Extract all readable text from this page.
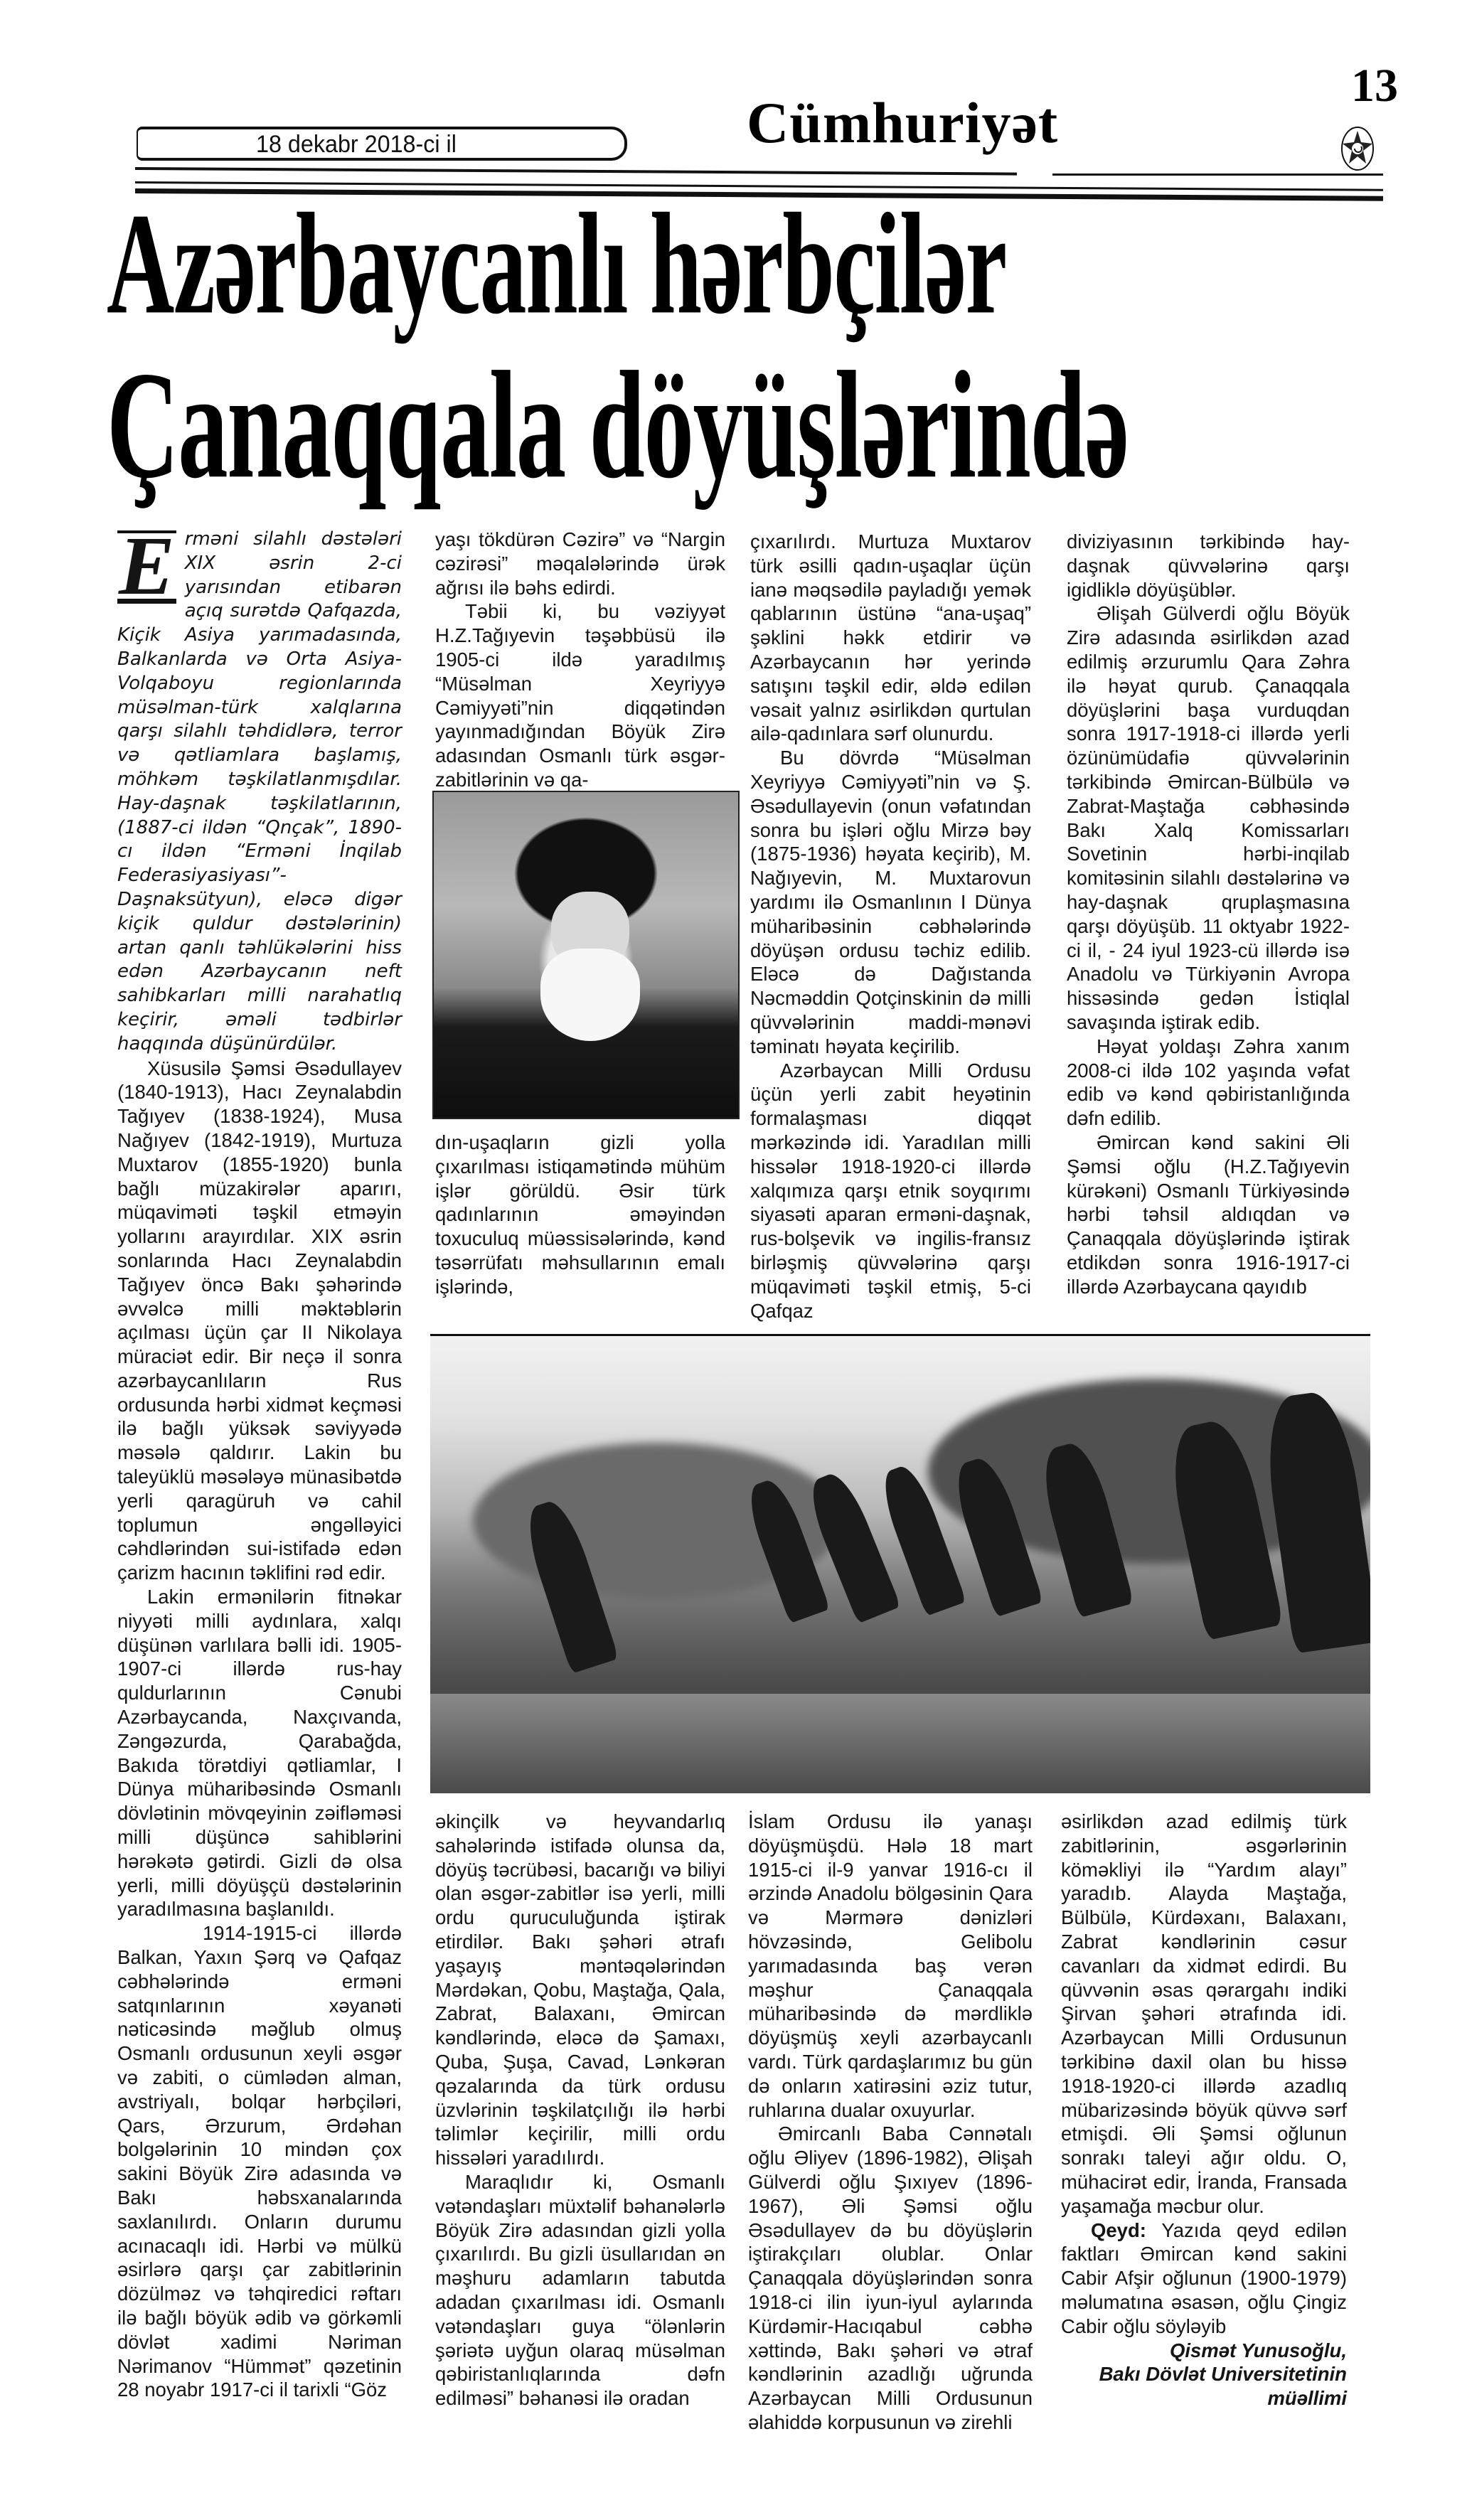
13
18 dekabr 2018-ci il	Cümhuriyət
Azərbaycanlı hərbçilər
Çanaqqala döyüşlərində

E rməni silahlı dəstələri XIX əsrin 2-ci yarısından etibarən açıq surətdə Qafqazda, Kiçik Asiya yarımadasında, Balkanlarda və Orta Asiya-Volqaboyu regionlarında müsəlman-türk xalqlarına qarşı silahlı təhdidlərə, terror və qətliamlara başlamış, möhkəm təşkilatlanmışdılar. Hay-daşnak təşkilatlarının, (1887-ci ildən “Qnçak”, 1890-cı ildən “Erməni İnqilab Federasiyasiyası”-Daşnaksütyun), eləcə digər kiçik quldur dəstələrinin) artan qanlı təhlükələrini hiss edən Azərbaycanın neft sahibkarları milli narahatlıq keçirir, əməli tədbirlər haqqında düşünürdülər.

Xüsusilə Şəmsi Əsədullayev (1840-1913), Hacı Zeynalabdin Tağıyev (1838-1924), Musa Nağıyev (1842-1919), Murtuza Muxtarov (1855-1920) bunla bağlı müzakirələr aparırı, müqavimәti təşkil etməyin yollarını arayırdılar. XIX əsrin sonlarında Hacı Zeynalabdin Tağıyev öncə Bakı şəhərində əvvəlcə milli məktəblərin açılması üçün çar II Nikolaya müraciət edir. Bir neçə il sonra azərbaycanlıların Rus ordusunda hərbi xidmət keçməsi ilə bağlı yüksək səviyyədə məsələ qaldırır. Lakin bu taleyüklü məsələyə münasibətdə yerli qaragüruh və cahil toplumun əngəlləyici cəhdlərindən sui-istifadə edən çarizm hacının təklifini rəd edir.

Lakin ermənilərin fitnəkar niyyəti milli aydınlara, xalqı düşünən varlılara bəlli idi. 1905-1907-ci illərdə rus-hay quldurlarının Cənubi Azərbaycanda, Naxçıvanda, Zəngəzurda, Qarabağda, Bakıda törətdiyi qətliamlar, I Dünya müharibəsində Osmanlı dövlətinin mövqeyinin zəifləməsi milli düşüncə sahiblərini hərəkətə gətirdi. Gizli də olsa yerli, milli döyüşçü dəstələrinin yaradılmasına başlanıldı.

1914-1915-ci illərdə Balkan, Yaxın Şərq və Qafqaz cəbhələrində erməni satqınlarının xəyanəti nəticəsində məğlub olmuş Osmanlı ordusunun xeyli əsgər və zabiti, o cümlədən alman, avstriyalı, bolqar hərbçiləri, Qars, Ərzurum, Ərdəhan bolgələrinin 10 mindən çox sakini Böyük Zirə adasında və Bakı həbsxanalarında saxlanılırdı. Onların durumu acınacaqlı idi. Hərbi və mülkü əsirlərə qarşı çar zabitlərinin dözülməz və təhqiredici rəftarı ilə bağlı böyük ədib və görkəmli dövlət xadimi Nəriman Nərimanov “Hümmət” qəzetinin 28 noyabr 1917-ci il tarixli “Göz

yaşı tökdürən Cəzirə” və “Nargin cəzirəsi” məqalələrində ürək ağrısı ilə bəhs edirdi.

Təbii ki, bu vəziyyət H.Z.Tağıyevin təşəbbüsü ilə 1905-ci ildə yaradılmış “Müsəlman Xeyriyyə Cəmiyyəti”nin diqqətindən yayınmadığından Böyük Zirə adasından Osmanlı türk əsgər-zabitlərinin və qa-

dın-uşaqların gizli yolla çıxarılması istiqamətində mühüm işlər görüldü. Əsir türk qadınlarının əməyindən toxuculuq müəssisələrində, kənd təsərrüfatı məhsullarının emalı işlərində,

çıxarılırdı. Murtuza Muxtarov türk əsilli qadın-uşaqlar üçün ianə məqsədilə payladığı yemək qablarının üstünə “ana-uşaq” şəklini həkk etdirir və Azərbaycanın hər yerində satışını təşkil edir, əldə edilən vəsait yalnız əsirlikdən qurtulan ailə-qadınlara sərf olunurdu.

Bu dövrdə “Müsəlman Xeyriyyə Cəmiyyəti”nin və Ş. Əsədullayevin (onun vəfatından sonra bu işləri oğlu Mirzə bəy (1875-1936) həyata keçirib), M. Nağıyevin, M. Muxtarovun yardımı ilə Osmanlının I Dünya müharibəsinin cəbhələrində döyüşən ordusu təchiz edilib. Eləcə də Dağıstanda Nəcməddin Qotçinskinin də milli qüvvələrinin maddi-mənəvi təminatı həyata keçirilib.

Azərbaycan Milli Ordusu üçün yerli zabit heyətinin formalaşması diqqət mərkəzində idi. Yaradılan milli hissələr 1918-1920-ci illərdə xalqımıza qarşı etnik soyqırımı siyasəti aparan erməni-daşnak, rus-bolşevik və ingilis-fransız birləşmiş qüvvələrinə qarşı müqaviməti təşkil etmiş, 5-ci Qafqaz

diviziyasının tərkibində hay-daşnak qüvvələrinə qarşı igidliklə döyüşüblər.

Əlişah Gülverdi oğlu Böyük Zirə adasında əsirlikdən azad edilmiş ərzurumlu Qara Zəhra ilə həyat qurub. Çanaqqala döyüşlərini başa vurduqdan sonra 1917-1918-ci illərdə yerli özünümüdafiə qüvvələrinin tərkibində Əmircan-Bülbülə və Zabrat-Maştağa cəbhəsində Bakı Xalq Komissarları Sovetinin hərbi-inqilab komitəsinin silahlı dəstələrinə və hay-daşnak qruplaşmasına qarşı döyüşüb. 11 oktyabr 1922-ci il, - 24 iyul 1923-cü illərdə isə Anadolu və Türkiyənin Avropa hissəsində gedən İstiqlal savaşında iştirak edib.

Həyat yoldaşı Zəhra xanım 2008-ci ildə 102 yaşında vəfat edib və kənd qəbiristanlığında dəfn edilib.

Əmircan kənd sakini Əli Şəmsi oğlu (H.Z.Tağıyevin kürəkəni) Osmanlı Türkiyəsində hərbi təhsil aldıqdan və Çanaqqala döyüşlərində iştirak etdikdən sonra 1916-1917-ci illərdə Azərbaycana qayıdıb

əkinçilk və heyvandarlıq sahələrində istifadə olunsa da, döyüş təcrübəsi, bacarığı və biliyi olan əsgər-zabitlər isə yerli, milli ordu quruculuğunda iştirak etirdilər. Bakı şəhəri ətrafı yaşayış məntəqələrindən Mərdəkan, Qobu, Maştağa, Qala, Zabrat, Balaxanı, Əmircan kəndlərində, eləcə də Şamaxı, Quba, Şuşa, Cavad, Lənkəran qəzalarında da türk ordusu üzvlərinin təşkilatçılığı ilə hərbi təlimlər keçirilir, milli ordu hissələri yaradılırdı.

Maraqlıdır ki, Osmanlı vətəndaşları müxtəlif bəhanələrlə Böyük Zirə adasından gizli yolla çıxarılırdı. Bu gizli üsullarıdan ən məşhuru adamların tabutda adadan çıxarılması idi. Osmanlı vətəndaşları guya “ölənlərin şəriətə uyğun olaraq müsəlman qəbiristanlıqlarında dəfn edilməsi” bəhanəsi ilə oradan

İslam Ordusu ilə yanaşı döyüşmüşdü. Hələ 18 mart 1915-ci il-9 yanvar 1916-cı il ərzində Anadolu bölgəsinin Qara və Mərmərə dənizləri hövzəsində, Gelibolu yarımadasında baş verən məşhur Çanaqqala müharibəsində də mərdliklə döyüşmüş xeyli azərbaycanlı vardı. Türk qardaşlarımız bu gün də onların xatirəsini əziz tutur, ruhlarına dualar oxuyurlar.

Əmircanlı Baba Cənnətalı oğlu Əliyev (1896-1982), Əlişah Gülverdi oğlu Şıxıyev (1896-1967), Əli Şəmsi oğlu Əsədullayev də bu döyüşlərin iştirakçıları olublar. Onlar Çanaqqala döyüşlərindən sonra 1918-ci ilin iyun-iyul aylarında Kürdəmir-Hacıqabul cəbhə xəttində, Bakı şəhəri və ətraf kəndlərinin azadlığı uğrunda Azərbaycan Milli Ordusunun əlahiddə korpusunun və zirehli

əsirlikdən azad edilmiş türk zabitlərinin, əsgərlərinin köməkliyi ilə “Yardım alayı” yaradıb. Alayda Maştağa, Bülbülə, Kürdəxanı, Balaxanı, Zabrat kəndlərinin cəsur cavanları da xidmət edirdi. Bu qüvvənin əsas qərargahı indiki Şirvan şəhəri ətrafında idi. Azərbaycan Milli Ordusunun tərkibinə daxil olan bu hissə 1918-1920-ci illərdə azadlıq mübarizəsində böyük qüvvə sərf etmişdi. Əli Şəmsi oğlunun sonrakı taleyi ağır oldu. O, mühacirət edir, İranda, Fransada yaşamağa məcbur olur.

Qeyd: Yazıda qeyd edilən faktları Əmircan kənd sakini Cabir Afşir oğlunun (1900-1979) məlumatına əsasən, oğlu Çingiz Cabir oğlu söyləyib

Qismət Yunusoğlu,

Bakı Dövlət Universitetinin

müəllimi
